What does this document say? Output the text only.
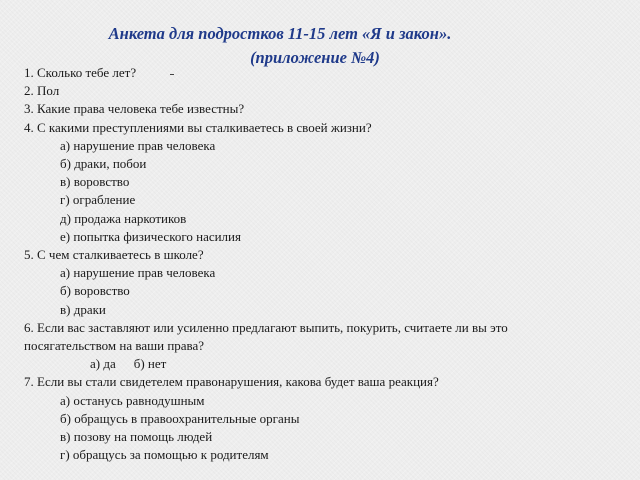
Анкета для подростков 11-15 лет «Я и закон».
(приложение №4)
1. Сколько тебе лет?
2. Пол
3. Какие права человека тебе известны?
4. С какими преступлениями вы сталкиваетесь в своей жизни?
а) нарушение прав человека
б) драки, побои
в) воровство
г) ограбление
д) продажа наркотиков
е) попытка физического насилия
5. С чем сталкиваетесь в школе?
а) нарушение прав человека
б) воровство
в) драки
6. Если вас заставляют или усиленно предлагают выпить, покурить, считаете ли вы это посягательством на ваши права?
а) да б) нет
7. Если вы стали свидетелем правонарушения, какова будет ваша реакция?
а) останусь равнодушным
б) обращусь в правоохранительные органы
в) позову на помощь людей
г) обращусь за помощью к родителям
